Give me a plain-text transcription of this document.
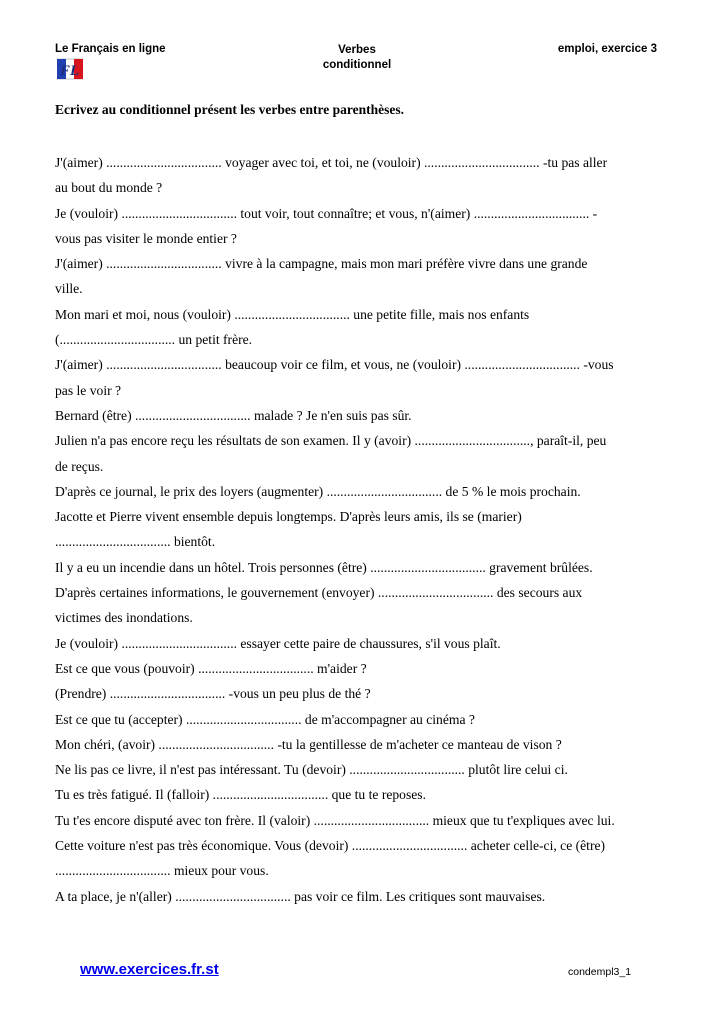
Le Français en ligne	Verbes
conditionnel
emploi, exercice 3
FL
Ecrivez au conditionnel présent les verbes entre parenthèses.

J'(aimer) .................................. voyager avec toi, et toi, ne (vouloir) .................................. -tu pas aller

au bout du monde ?

Je (vouloir) .................................. tout voir, tout connaître; et vous, n'(aimer) .................................. -

vous pas visiter le monde entier ?

J'(aimer) .................................. vivre à la campagne, mais mon mari préfère vivre dans une grande

ville.

Mon mari et moi, nous (vouloir) .................................. une petite fille, mais nos enfants

(.................................. un petit frère.

J'(aimer) .................................. beaucoup voir ce film, et vous, ne (vouloir) .................................. -vous

pas le voir ?

Bernard (être) .................................. malade ? Je n'en suis pas sûr.

Julien n'a pas encore reçu les résultats de son examen. Il y (avoir) .................................., paraît-il, peu

de reçus.

D'après ce journal, le prix des loyers (augmenter) .................................. de 5 % le mois prochain.

Jacotte et Pierre vivent ensemble depuis longtemps. D'après leurs amis, ils se (marier)

.................................. bientôt.

Il y a eu un incendie dans un hôtel. Trois personnes (être) .................................. gravement brûlées.

D'après certaines informations, le gouvernement (envoyer) .................................. des secours aux

victimes des inondations.

Je (vouloir) .................................. essayer cette paire de chaussures, s'il vous plaît.

Est ce que vous (pouvoir) .................................. m'aider ?

(Prendre) .................................. -vous un peu plus de thé ?

Est ce que tu (accepter) .................................. de m'accompagner au cinéma ?

Mon chéri, (avoir) .................................. -tu la gentillesse de m'acheter ce manteau de vison ?

Ne lis pas ce livre, il n'est pas intéressant. Tu (devoir) .................................. plutôt lire celui ci.

Tu es très fatigué. Il (falloir) .................................. que tu te reposes.

Tu t'es encore disputé avec ton frère. Il (valoir) .................................. mieux que tu t'expliques avec lui.

Cette voiture n'est pas très économique. Vous (devoir) .................................. acheter celle-ci, ce (être)

.................................. mieux pour vous.

A ta place, je n'(aller) .................................. pas voir ce film. Les critiques sont mauvaises.

www.exercices.fr.st	condempl3_1
